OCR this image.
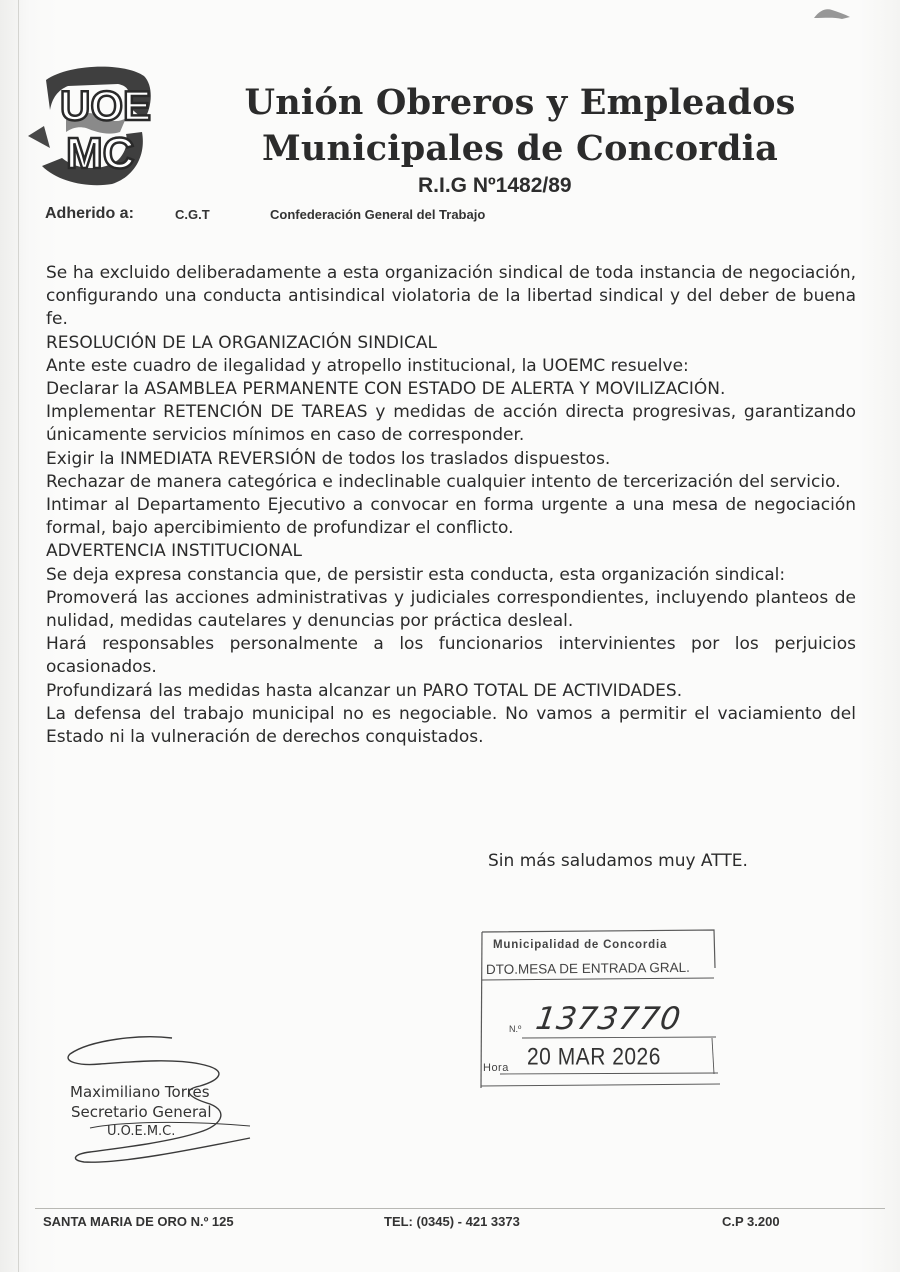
UOE
MC
Unión Obreros y Empleados
Municipales de Concordia
R.I.G Nº1482/89
Adherido a:	C.G.T	Confederación General del Trabajo

Se ha excluido deliberadamente a esta organización sindical de toda instancia de negociación, configurando una conducta antisindical violatoria de la libertad sindical y del deber de buena fe.

RESOLUCIÓN DE LA ORGANIZACIÓN SINDICAL

Ante este cuadro de ilegalidad y atropello institucional, la UOEMC resuelve:

Declarar la ASAMBLEA PERMANENTE CON ESTADO DE ALERTA Y MOVILIZACIÓN.

Implementar RETENCIÓN DE TAREAS y medidas de acción directa progresivas, garantizando únicamente servicios mínimos en caso de corresponder.

Exigir la INMEDIATA REVERSIÓN de todos los traslados dispuestos.

Rechazar de manera categórica e indeclinable cualquier intento de tercerización del servicio.

Intimar al Departamento Ejecutivo a convocar en forma urgente a una mesa de negociación formal, bajo apercibimiento de profundizar el conflicto.

ADVERTENCIA INSTITUCIONAL

Se deja expresa constancia que, de persistir esta conducta, esta organización sindical:

Promoverá las acciones administrativas y judiciales correspondientes, incluyendo planteos de nulidad, medidas cautelares y denuncias por práctica desleal.

Hará responsables personalmente a los funcionarios intervinientes por los perjuicios ocasionados.

Profundizará las medidas hasta alcanzar un PARO TOTAL DE ACTIVIDADES.

La defensa del trabajo municipal no es negociable. No vamos a permitir el vaciamiento del Estado ni la vulneración de derechos conquistados.

Sin más saludamos muy ATTE.
Municipalidad de Concordia
DTO.MESA DE ENTRADA GRAL.
N.º 1373770
Hora 20 MAR 2026
Maximiliano Torres
Secretario General
U.O.E.M.C.
SANTA MARIA DE ORO N.º 125	TEL: (0345) - 421 3373	C.P 3.200
